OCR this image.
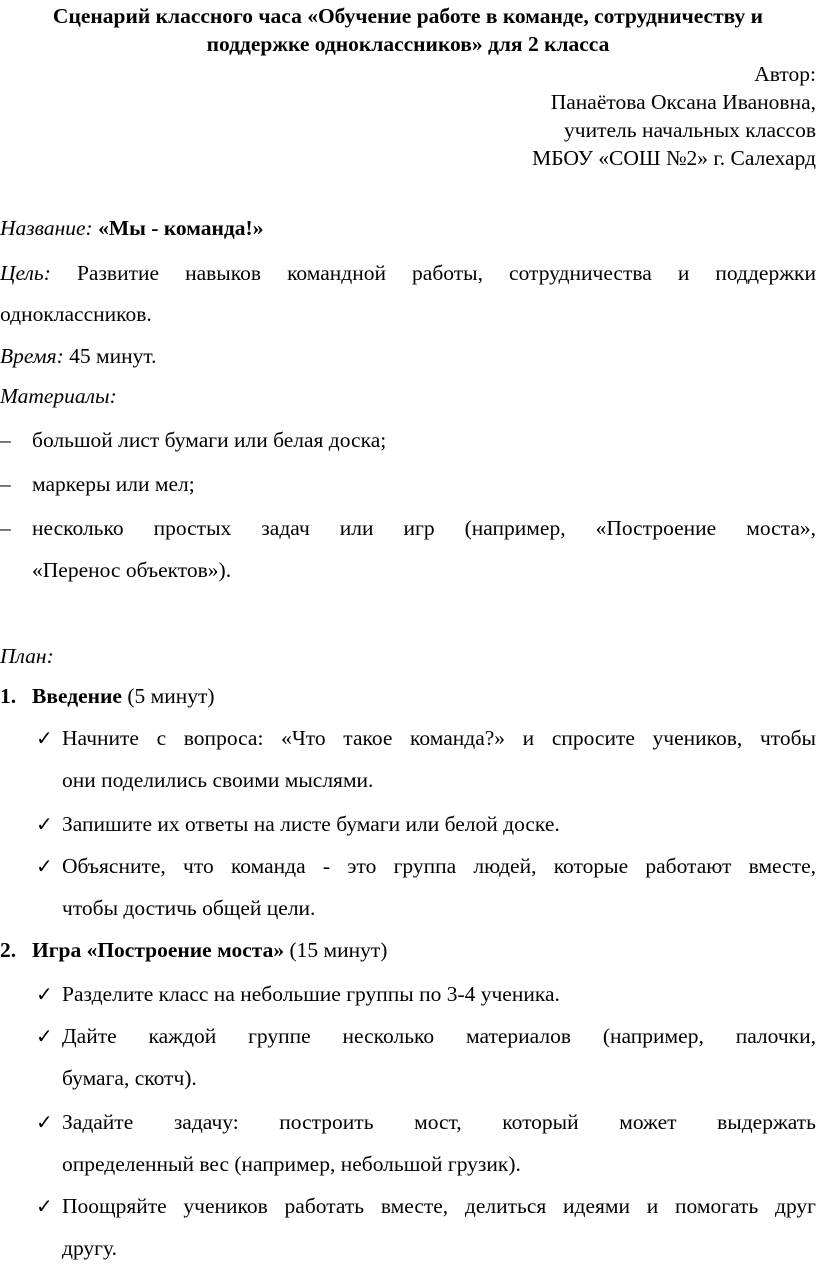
Сценарий классного часа «Обучение работе в команде, сотрудничеству и
поддержке одноклассников» для 2 класса
Автор:
Панаётова Оксана Ивановна,
учитель начальных классов
МБОУ «СОШ №2» г. Салехард
Название: «Мы - команда!»
Цель: Развитие навыков командной работы, сотрудничества и поддержки
одноклассников.
Время: 45 минут.
Материалы:
– большой лист бумаги или белая доска;
– маркеры или мел;
– несколько простых задач или игр (например, «Построение моста»,
«Перенос объектов»).
План:
1. Введение (5 минут)
✓ Начните с вопроса: «Что такое команда?» и спросите учеников, чтобы
они поделились своими мыслями.
✓ Запишите их ответы на листе бумаги или белой доске.
✓ Объясните, что команда - это группа людей, которые работают вместе,
чтобы достичь общей цели.
2. Игра «Построение моста» (15 минут)
✓ Разделите класс на небольшие группы по 3-4 ученика.
✓ Дайте каждой группе несколько материалов (например, палочки,
бумага, скотч).
✓ Задайте задачу: построить мост, который может выдержать
определенный вес (например, небольшой грузик).
✓ Поощряйте учеников работать вместе, делиться идеями и помогать друг
другу.
